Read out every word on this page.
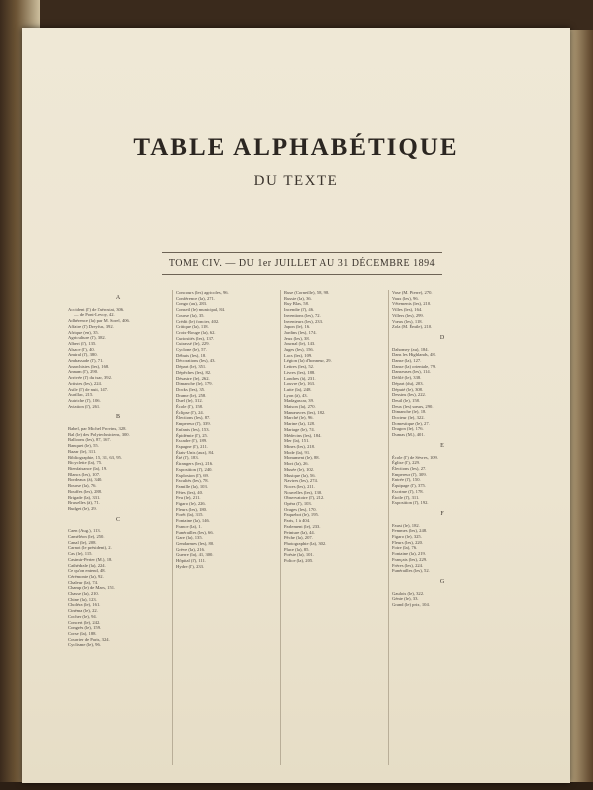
TABLE ALPHABÉTIQUE
DU TEXTE
TOME CIV. — DU 1er JUILLET AU 31 DÉCEMBRE 1894
A
Accident (l') de l'aérostat, 306.
— de Pont-Levoy, 42.
Adhérence (la) par M. Sorel, 406.
Affaire (l') Dreyfus, 392.
Afrique (en), 35.
Agriculture (l'), 382.
Albert (l'), 135.
Alsace (l'), 40.
Amiral (l'), 380.
Ambassade (l'), 71.
Anarchistes (les), 168.
Annam (l'), 290.
Arrivée (l') du tsar, 392.
Artistes (les), 224.
Asile (l') de nuit, 147.
Aurillac, 215.
Autriche (l'), 106.
Aviation (l'), 261.
B
Babel, par Michel Provins, 328.
Bal (le) des Polytechniciens, 300.
Balloons (les), 87, 167.
Banquet (le), 55.
Bazar (le), 311.
Bibliographie, 15, 31, 63, 95.
Bicyclette (la), 75.
Bienfaisance (la), 19.
Blancs (les), 107.
Bordeaux (à), 340.
Bourse (la), 76.
Bouffes (les), 288.
Brigade (la), 331.
Bruxelles (à), 71.
Budget (le), 29.
C
Caen (Aug.), 113.
Caméléon (le), 250.
Canal (le), 208.
Carnot (le président), 2.
Cas (le), 115.
Casimir-Perier (M.), 18.
Cathédrale (la), 224.
Ce qu'on entend, 48.
Cérémonie (la), 92.
Chaleur (la), 74.
Champ (le) de Mars, 151.
Chasse (la), 210.
Chine (la), 123.
Choléra (le), 161.
Cinéma (le), 22.
Cocher (le), 94.
Concert (le), 242.
Congrès (le), 159.
Corse (la), 188.
Courrier de Paris, 324.
Cyclisme (le), 96.
Concours (les) agricoles, 96.
Conférence (la), 271.
Congo (au), 283.
Conseil (le) municipal, 84.
Course (la), 35.
Crédit (le) foncier, 402.
Critique (la), 118.
Croix-Rouge (la), 62.
Curiosités (les), 137.
Cuirassé (le), 229.
Cyclone (le), 57.
Débuts (les), 18.
Décorations (les), 43.
Départ (le), 351.
Dépêches (les), 82.
Désastre (le), 262.
Dimanche (le), 179.
Docks (les), 35.
Drame (le), 258.
Duel (le), 312.
École (l'), 158.
Éclipse (l'), 24.
Élections (les), 87.
Empereur (l'), 339.
Enfants (les), 153.
Épidémie (l'), 25.
Escadre (l'), 189.
Espagne (l'), 211.
États-Unis (aux), 84.
Été (l'), 183.
Étrangers (les), 216.
Exposition (l'), 240.
Explosion (l'), 69.
Facultés (les), 78.
Famille (la), 103.
Fêtes (les), 40.
Feu (le), 211.
Figaro (le), 226.
Fleurs (les), 180.
Forêt (la), 315.
Fontaine (la), 146.
France (la), 1.
Funérailles (les), 66.
Gare (la), 135.
Gendarmes (les), 80.
Grève (la), 216.
Guerre (la), 41, 300.
Hôpital (l'), 111.
Hydre (l'), 233.
Ruse (Corneille), 58, 98.
Russie (la), 36.
Ruy Blas, 58.
Incendie (l'), 46.
Inventions (les), 72.
Inventeurs (les), 233.
Japon (le), 16.
Jardins (les), 174.
Jeux (les), 38.
Journal (le), 143.
Juges (les), 156.
Lacs (les), 109.
Légion (la) d'honneur, 29.
Lettres (les), 52.
Livres (les), 188.
Londres (à), 231.
Louvre (le), 163.
Lutte (la), 248.
Lyon (à), 43.
Madagascar, 39.
Maison (la), 270.
Manœuvres (les), 182.
Marché (le), 96.
Marine (la), 128.
Mariage (le), 74.
Médecins (les), 184.
Mer (la), 151.
Mines (les), 218.
Mode (la), 91.
Monument (le), 88.
Mort (la), 26.
Musée (le), 102.
Musique (la), 56.
Navires (les), 274.
Noces (les), 211.
Nouvelles (les), 130.
Observatoire (l'), 212.
Opéra (l'), 103.
Orages (les), 170.
Paquebot (le), 195.
Paris, 1 à 404.
Parlement (le), 233.
Peinture (la), 44.
Pêche (la), 207.
Photographie (la), 302.
Place (la), 85.
Poésie (la), 101.
Police (la), 205.
Vase (M. Pierre), 270.
Vaux (les), 96.
Vêtements (les), 210.
Villes (les), 164.
Villers (les), 299.
Vœux (les), 118.
Zola (M. Émile), 210.
D
Dahomey (au), 184.
Dans les Highlands, 48.
Danse (la), 127.
Danse (la) orientale, 79.
Danseuses (les), 114.
Défilé (le), 338.
Départ (du), 203.
Député (le), 308.
Dessins (les), 222.
Deuil (le), 158.
Deux (les) sœurs, 290.
Dimanche (le), 18.
Docteur (le), 322.
Domestique (le), 27.
Dragon (le), 176.
Dumas (M.), 401.
E
École (l') de Sèvres, 109.
Église (l'), 229.
Élections (les), 27.
Empereur (l'), 309.
Entrée (l'), 150.
Équipage (l'), 375.
Escrime (l'), 178.
Étoile (l'), 311.
Exposition (l'), 192.
F
Faust (le), 182.
Femmes (les), 248.
Figaro (le), 325.
Fleurs (les), 220.
Foire (la), 76.
Fontaine (la), 219.
Français (les), 229.
Frères (les), 224.
Funérailles (les), 52.
G
Gaulois (le), 322.
Génie (le), 33.
Grand (le) prix, 104.
